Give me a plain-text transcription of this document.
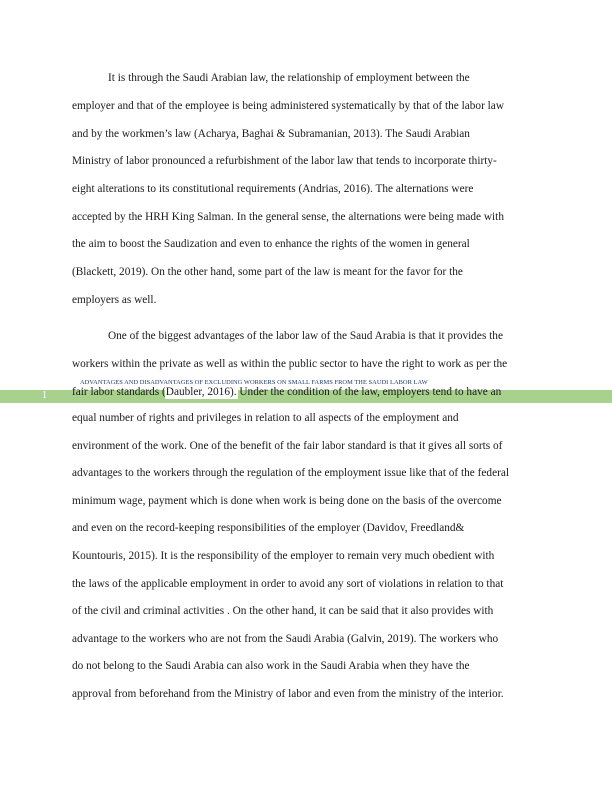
It is through the Saudi Arabian law, the relationship of employment between the
employer and that of the employee is being administered systematically by that of the labor law
and by the workmen’s law (Acharya, Baghai & Subramanian, 2013). The Saudi Arabian
Ministry of labor pronounced a refurbishment of the labor law that tends to incorporate thirty-
eight alterations to its constitutional requirements (Andrias, 2016). The alternations were
accepted by the HRH King Salman. In the general sense, the alternations were being made with
the aim to boost the Saudization and even to enhance the rights of the women in general
(Blackett, 2019). On the other hand, some part of the law is meant for the favor for the
employers as well.
One of the biggest advantages of the labor law of the Saud Arabia is that it provides the
workers within the private as well as within the public sector to have the right to work as per the
ADVANTAGES AND DISADVANTAGES OF EXCLUDING WORKERS ON SMALL FARMS FROM THE SAUDI LABOR LAW
1 fair labor standards (Daubler, 2016). Under the condition of the law, employers tend to have an
equal number of rights and privileges in relation to all aspects of the employment and
environment of the work. One of the benefit of the fair labor standard is that it gives all sorts of
advantages to the workers through the regulation of the employment issue like that of the federal
minimum wage, payment which is done when work is being done on the basis of the overcome
and even on the record-keeping responsibilities of the employer (Davidov, Freedland&
Kountouris, 2015). It is the responsibility of the employer to remain very much obedient with
the laws of the applicable employment in order to avoid any sort of violations in relation to that
of the civil and criminal activities . On the other hand, it can be said that it also provides with
advantage to the workers who are not from the Saudi Arabia (Galvin, 2019). The workers who
do not belong to the Saudi Arabia can also work in the Saudi Arabia when they have the
approval from beforehand from the Ministry of labor and even from the ministry of the interior.
